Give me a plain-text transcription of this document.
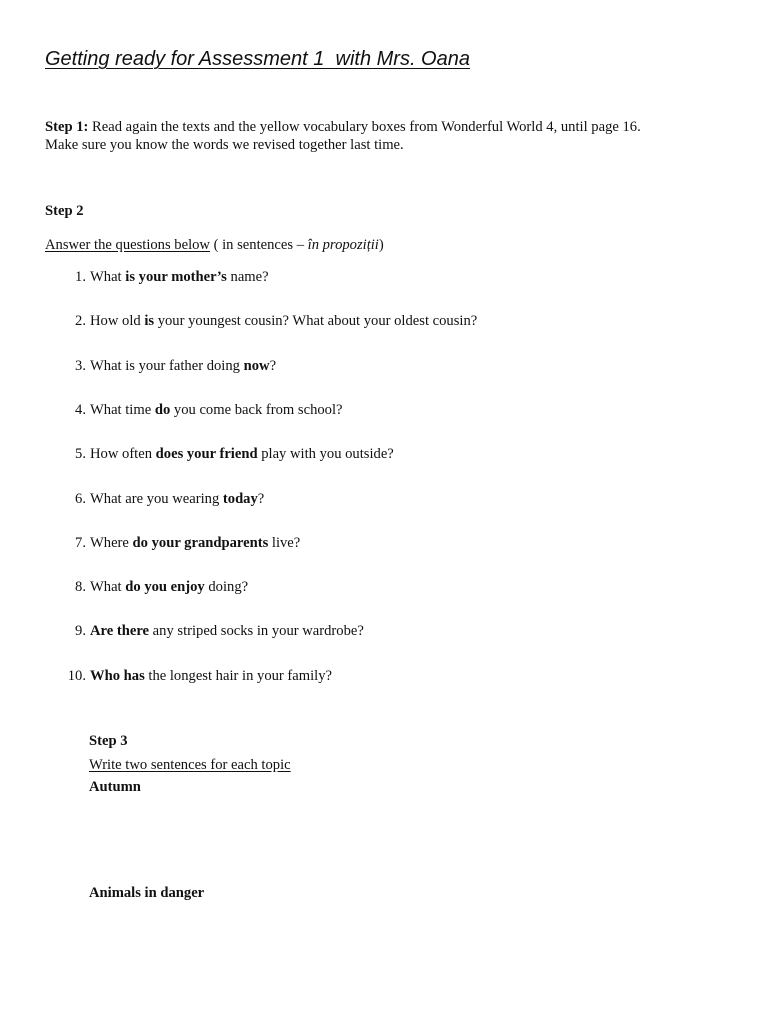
Getting ready for Assessment 1  with Mrs. Oana
Step 1: Read again the texts and the yellow vocabulary boxes from Wonderful World 4, until page 16. Make sure you know the words we revised together last time.
Step 2
Answer the questions below ( in sentences – în propoziții)
1. What is your mother’s name?
2. How old is your youngest cousin? What about your oldest cousin?
3. What is your father doing now?
4. What time do you come back from school?
5. How often does your friend play with you outside?
6. What are you wearing today?
7. Where do your grandparents live?
8. What do you enjoy doing?
9. Are there any striped socks in your wardrobe?
10. Who has the longest hair in your family?
Step 3
Write two sentences for each topic
Autumn
Animals in danger
